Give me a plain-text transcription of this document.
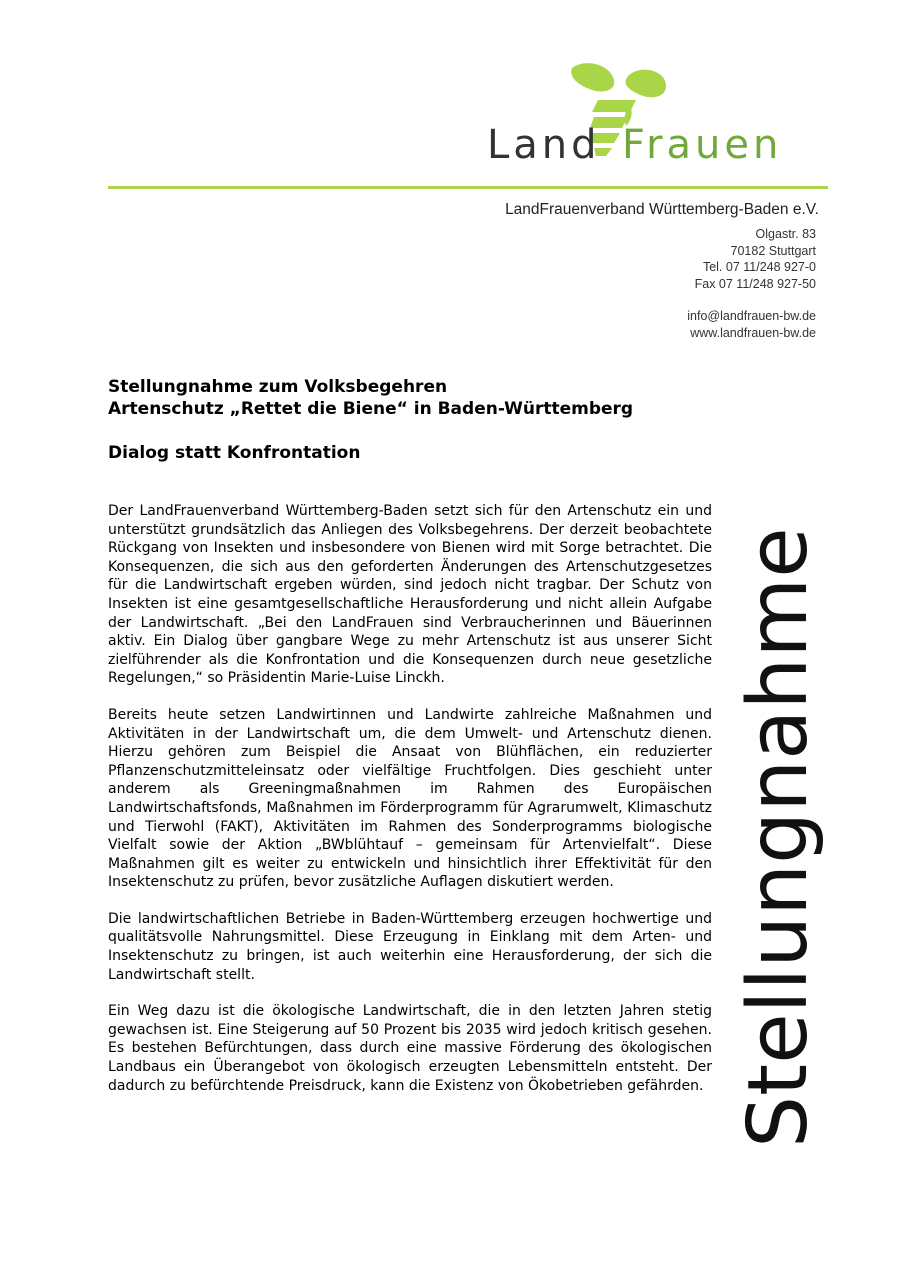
Land Frauen
LandFrauenverband Württemberg-Baden e.V.
Olgastr. 83
70182 Stuttgart
Tel. 07 11/248 927-0
Fax 07 11/248 927-50
info@landfrauen-bw.de
www.landfrauen-bw.de
Stellungnahme zum Volksbegehren
Artenschutz „Rettet die Biene“ in Baden-Württemberg
Dialog statt Konfrontation

Der LandFrauenverband Württemberg-Baden setzt sich für den Artenschutz ein und unterstützt grundsätzlich das Anliegen des Volksbegehrens. Der derzeit beobachtete Rückgang von Insekten und insbesondere von Bienen wird mit Sorge betrachtet. Die Konsequenzen, die sich aus den geforderten Änderungen des Artenschutzgesetzes für die Landwirtschaft ergeben würden, sind jedoch nicht tragbar. Der Schutz von Insekten ist eine gesamtgesellschaftliche Herausforderung und nicht allein Aufgabe der Landwirtschaft. „Bei den LandFrauen sind Verbraucherinnen und Bäuerinnen aktiv. Ein Dialog über gangbare Wege zu mehr Artenschutz ist aus unserer Sicht zielführender als die Konfrontation und die Konsequenzen durch neue gesetzliche Regelungen,“ so Präsidentin Marie-Luise Linckh.

Bereits heute setzen Landwirtinnen und Landwirte zahlreiche Maßnahmen und Aktivitäten in der Landwirtschaft um, die dem Umwelt- und Artenschutz dienen. Hierzu gehören zum Beispiel die Ansaat von Blühflächen, ein reduzierter Pflanzenschutzmitteleinsatz oder vielfältige Fruchtfolgen. Dies geschieht unter anderem als Greeningmaßnahmen im Rahmen des Europäischen Landwirtschaftsfonds, Maßnahmen im Förderprogramm für Agrarumwelt, Klimaschutz und Tierwohl (FAKT), Aktivitäten im Rahmen des Sonderprogramms biologische Vielfalt sowie der Aktion „BWblühtauf – gemeinsam für Artenvielfalt“. Diese Maßnahmen gilt es weiter zu entwickeln und hinsichtlich ihrer Effektivität für den Insektenschutz zu prüfen, bevor zusätzliche Auflagen diskutiert werden.

Die landwirtschaftlichen Betriebe in Baden-Württemberg erzeugen hochwertige und qualitätsvolle Nahrungsmittel. Diese Erzeugung in Einklang mit dem Arten- und Insektenschutz zu bringen, ist auch weiterhin eine Herausforderung, der sich die Landwirtschaft stellt.

Ein Weg dazu ist die ökologische Landwirtschaft, die in den letzten Jahren stetig gewachsen ist. Eine Steigerung auf 50 Prozent bis 2035 wird jedoch kritisch gesehen. Es bestehen Befürchtungen, dass durch eine massive Förderung des ökologischen Landbaus ein Überangebot von ökologisch erzeugten Lebensmitteln entsteht. Der dadurch zu befürchtende Preisdruck, kann die Existenz von Ökobetrieben gefährden. Stellungnahme
